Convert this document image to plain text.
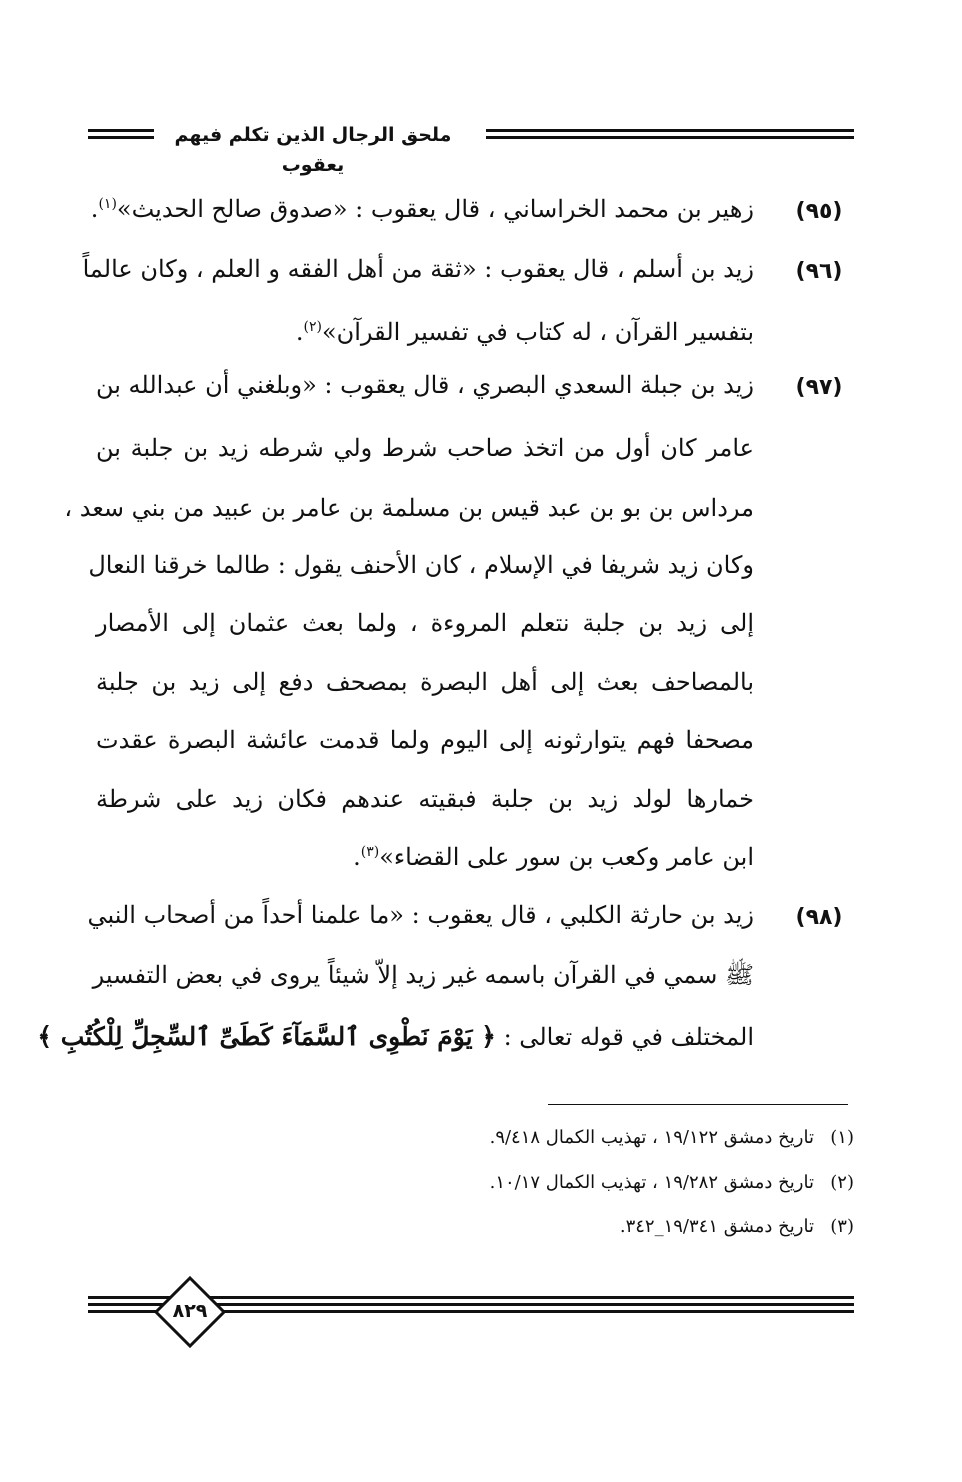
ملحق الرجال الذين تكلم فيهم يعقوب
(٩٥)
زهير بن محمد الخراساني ، قال يعقوب : «صدوق صالح الحديث»$^{(١)}$.
(٩٦)
زيد بن أسلم ، قال يعقوب : «ثقة من أهل الفقه و العلم ، وكان عالماً
بتفسير القرآن ، له كتاب في تفسير القرآن»$^{(٢)}$.
(٩٧)
زيد بن جبلة السعدي البصري ، قال يعقوب : «وبلغني أن عبدالله بن
عامر كان أول من اتخذ صاحب شرط ولي شرطه زيد بن جلبة بن
مرداس بن بو بن عبد قيس بن مسلمة بن عامر بن عبيد من بني سعد ،
وكان زيد شريفا في الإسلام ، كان الأحنف يقول : طالما خرقنا النعال
إلى زيد بن جلبة نتعلم المروءة ، ولما بعث عثمان إلى الأمصار
بالمصاحف بعث إلى أهل البصرة بمصحف دفع إلى زيد بن جلبة
مصحفا فهم يتوارثونه إلى اليوم ولما قدمت عائشة البصرة عقدت
خمارها لولد زيد بن جلبة فبقيته عندهم فكان زيد على شرطة
ابن عامر وكعب بن سور على القضاء»$^{(٣)}$.
(٩٨)
زيد بن حارثة الكلبي ، قال يعقوب : «ما علمنا أحداً من أصحاب النبي
ﷺ سمي في القرآن باسمه غير زيد إلاّ شيئاً يروى في بعض التفسير
المختلف في قوله تعالى : ﴿ يَوْمَ نَطْوِى ٱلسَّمَآءَ كَطَىِّ ٱلسِّجِلِّ لِلْكُتُبِ ﴾
(١)تاريخ دمشق ١٩/١٢٢ ، تهذيب الكمال ٩/٤١٨.
(٢)تاريخ دمشق ١٩/٢٨٢ ، تهذيب الكمال ١٠/١٧.
(٣)تاريخ دمشق ١٩/٣٤١_٣٤٢.
٨٢٩
